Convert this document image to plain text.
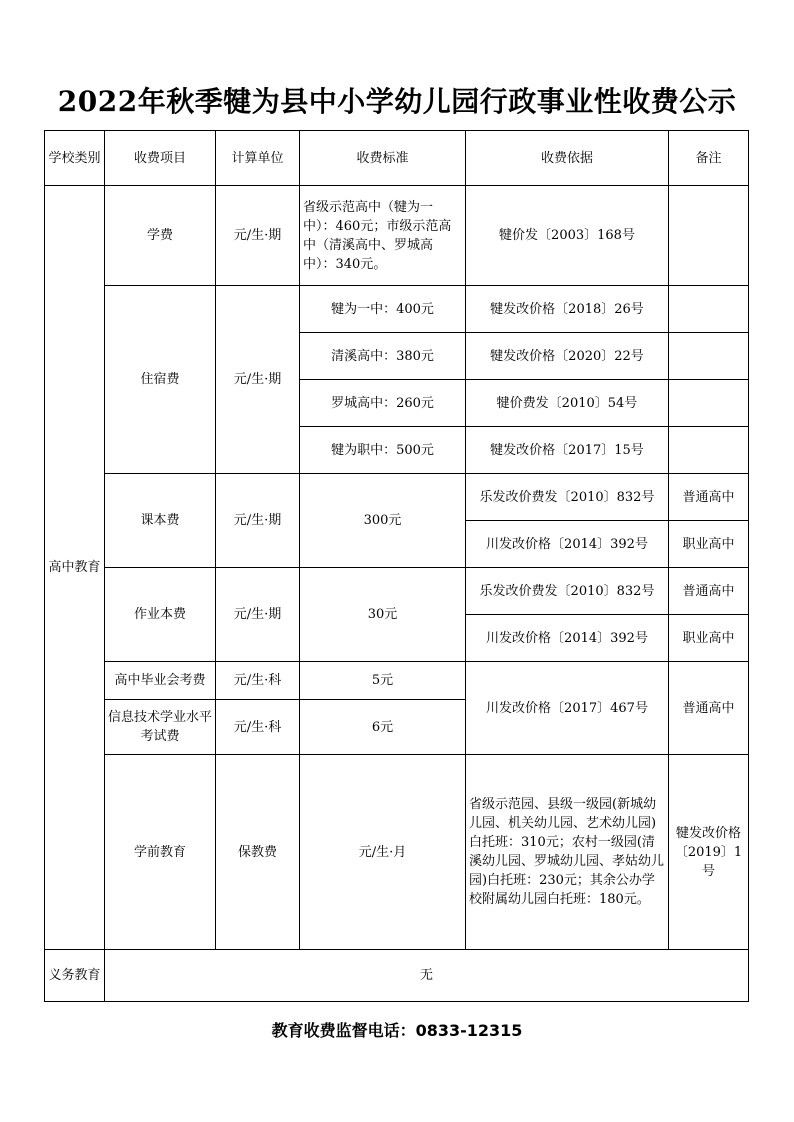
2022年秋季犍为县中小学幼儿园行政事业性收费公示
学校类别	收费项目	计算单位	收费标准	收费依据	备注	
高中教育	学费	元/生·期	省级示范高中（犍为一中）：460元；市级示范高中（清溪高中、罗城高中）：340元。	犍价发〔2003〕168号		
	住宿费	元/生·期	犍为一中：400元	犍发改价格〔2018〕26号		
			清溪高中：380元	犍发改价格〔2020〕22号		
			罗城高中：260元	犍价费发〔2010〕54号		
			犍为职中：500元	犍发改价格〔2017〕15号		
	课本费	元/生·期	300元	乐发改价费发〔2010〕832号	普通高中	
				川发改价格〔2014〕392号	职业高中	
	作业本费	元/生·期	30元	乐发改价费发〔2010〕832号	普通高中	
				川发改价格〔2014〕392号	职业高中	
	高中毕业会考费	元/生·科	5元	川发改价格〔2017〕467号	普通高中	
	信息技术学业水平考试费	元/生·科	6元			
	学前教育	保教费	元/生·月	省级示范园、县级一级园(新城幼儿园、机关幼儿园、艺术幼儿园)白托班：310元；农村一级园(清溪幼儿园、罗城幼儿园、孝姑幼儿园)白托班：230元；其余公办学校附属幼儿园白托班：180元。	犍发改价格〔2019〕1号	
义务教育	无					
教育收费监督电话：0833-12315
